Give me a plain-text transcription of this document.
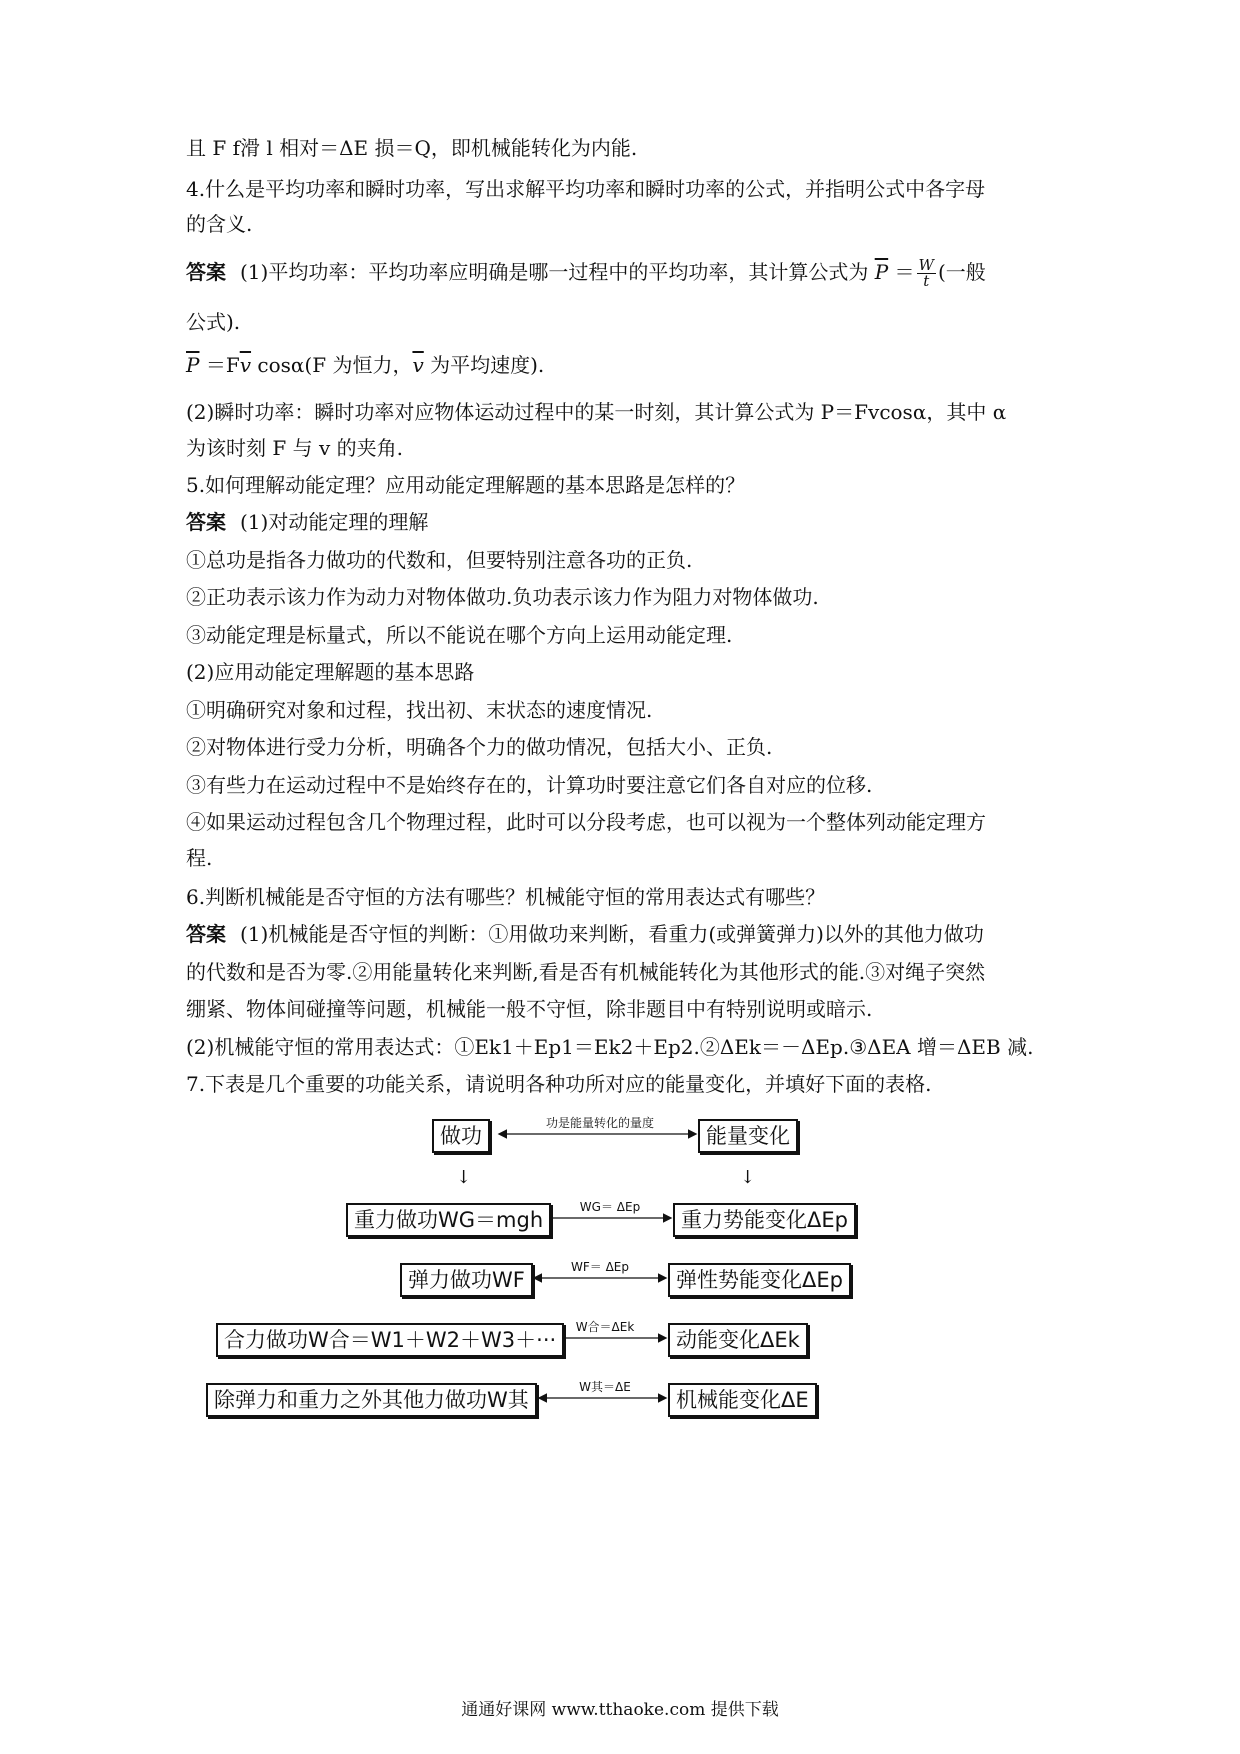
且 F f滑 l 相对＝ΔE 损＝Q，即机械能转化为内能.
4.什么是平均功率和瞬时功率，写出求解平均功率和瞬时功率的公式，并指明公式中各字母
的含义.
答案 (1)平均功率：平均功率应明确是哪一过程中的平均功率，其计算公式为 $\overline{P} = \frac{W}{t}$ (一般
公式).
$\overline{P} =F\overline{v}$ cosα(F 为恒力，$\overline{v}$ 为平均速度).
(2)瞬时功率：瞬时功率对应物体运动过程中的某一时刻，其计算公式为 P＝Fvcosα，其中 α
为该时刻 F 与 v 的夹角.
5.如何理解动能定理？应用动能定理解题的基本思路是怎样的？
答案 (1)对动能定理的理解
①总功是指各力做功的代数和，但要特别注意各功的正负.
②正功表示该力作为动力对物体做功.负功表示该力作为阻力对物体做功.
③动能定理是标量式，所以不能说在哪个方向上运用动能定理.
(2)应用动能定理解题的基本思路
①明确研究对象和过程，找出初、末状态的速度情况.
②对物体进行受力分析，明确各个力的做功情况，包括大小、正负.
③有些力在运动过程中不是始终存在的，计算功时要注意它们各自对应的位移.
④如果运动过程包含几个物理过程，此时可以分段考虑，也可以视为一个整体列动能定理方
程.
6.判断机械能是否守恒的方法有哪些？机械能守恒的常用表达式有哪些？
答案 (1)机械能是否守恒的判断：①用做功来判断，看重力(或弹簧弹力)以外的其他力做功
的代数和是否为零.②用能量转化来判断,看是否有机械能转化为其他形式的能.③对绳子突然
绷紧、物体间碰撞等问题，机械能一般不守恒，除非题目中有特别说明或暗示.
(2)机械能守恒的常用表达式：①Ek1＋Ep1＝Ek2＋Ep2.②ΔEk＝－ΔEp.③ΔEA 增＝ΔEB 减.
7.下表是几个重要的功能关系，请说明各种功所对应的能量变化，并填好下面的表格.
做功
功是能量转化的量度
能量变化
↓	↓
重力做功WG＝mgh
WG＝ ΔEp
重力势能变化ΔEp
弹力做功WF
WF＝ ΔEp
弹性势能变化ΔEp
合力做功W合＝W1＋W2＋W3＋···
W合＝ΔEk
动能变化ΔEk
除弹力和重力之外其他力做功W其
W其＝ΔE
机械能变化ΔE
通通好课网 www.tthaoke.com 提供下载
